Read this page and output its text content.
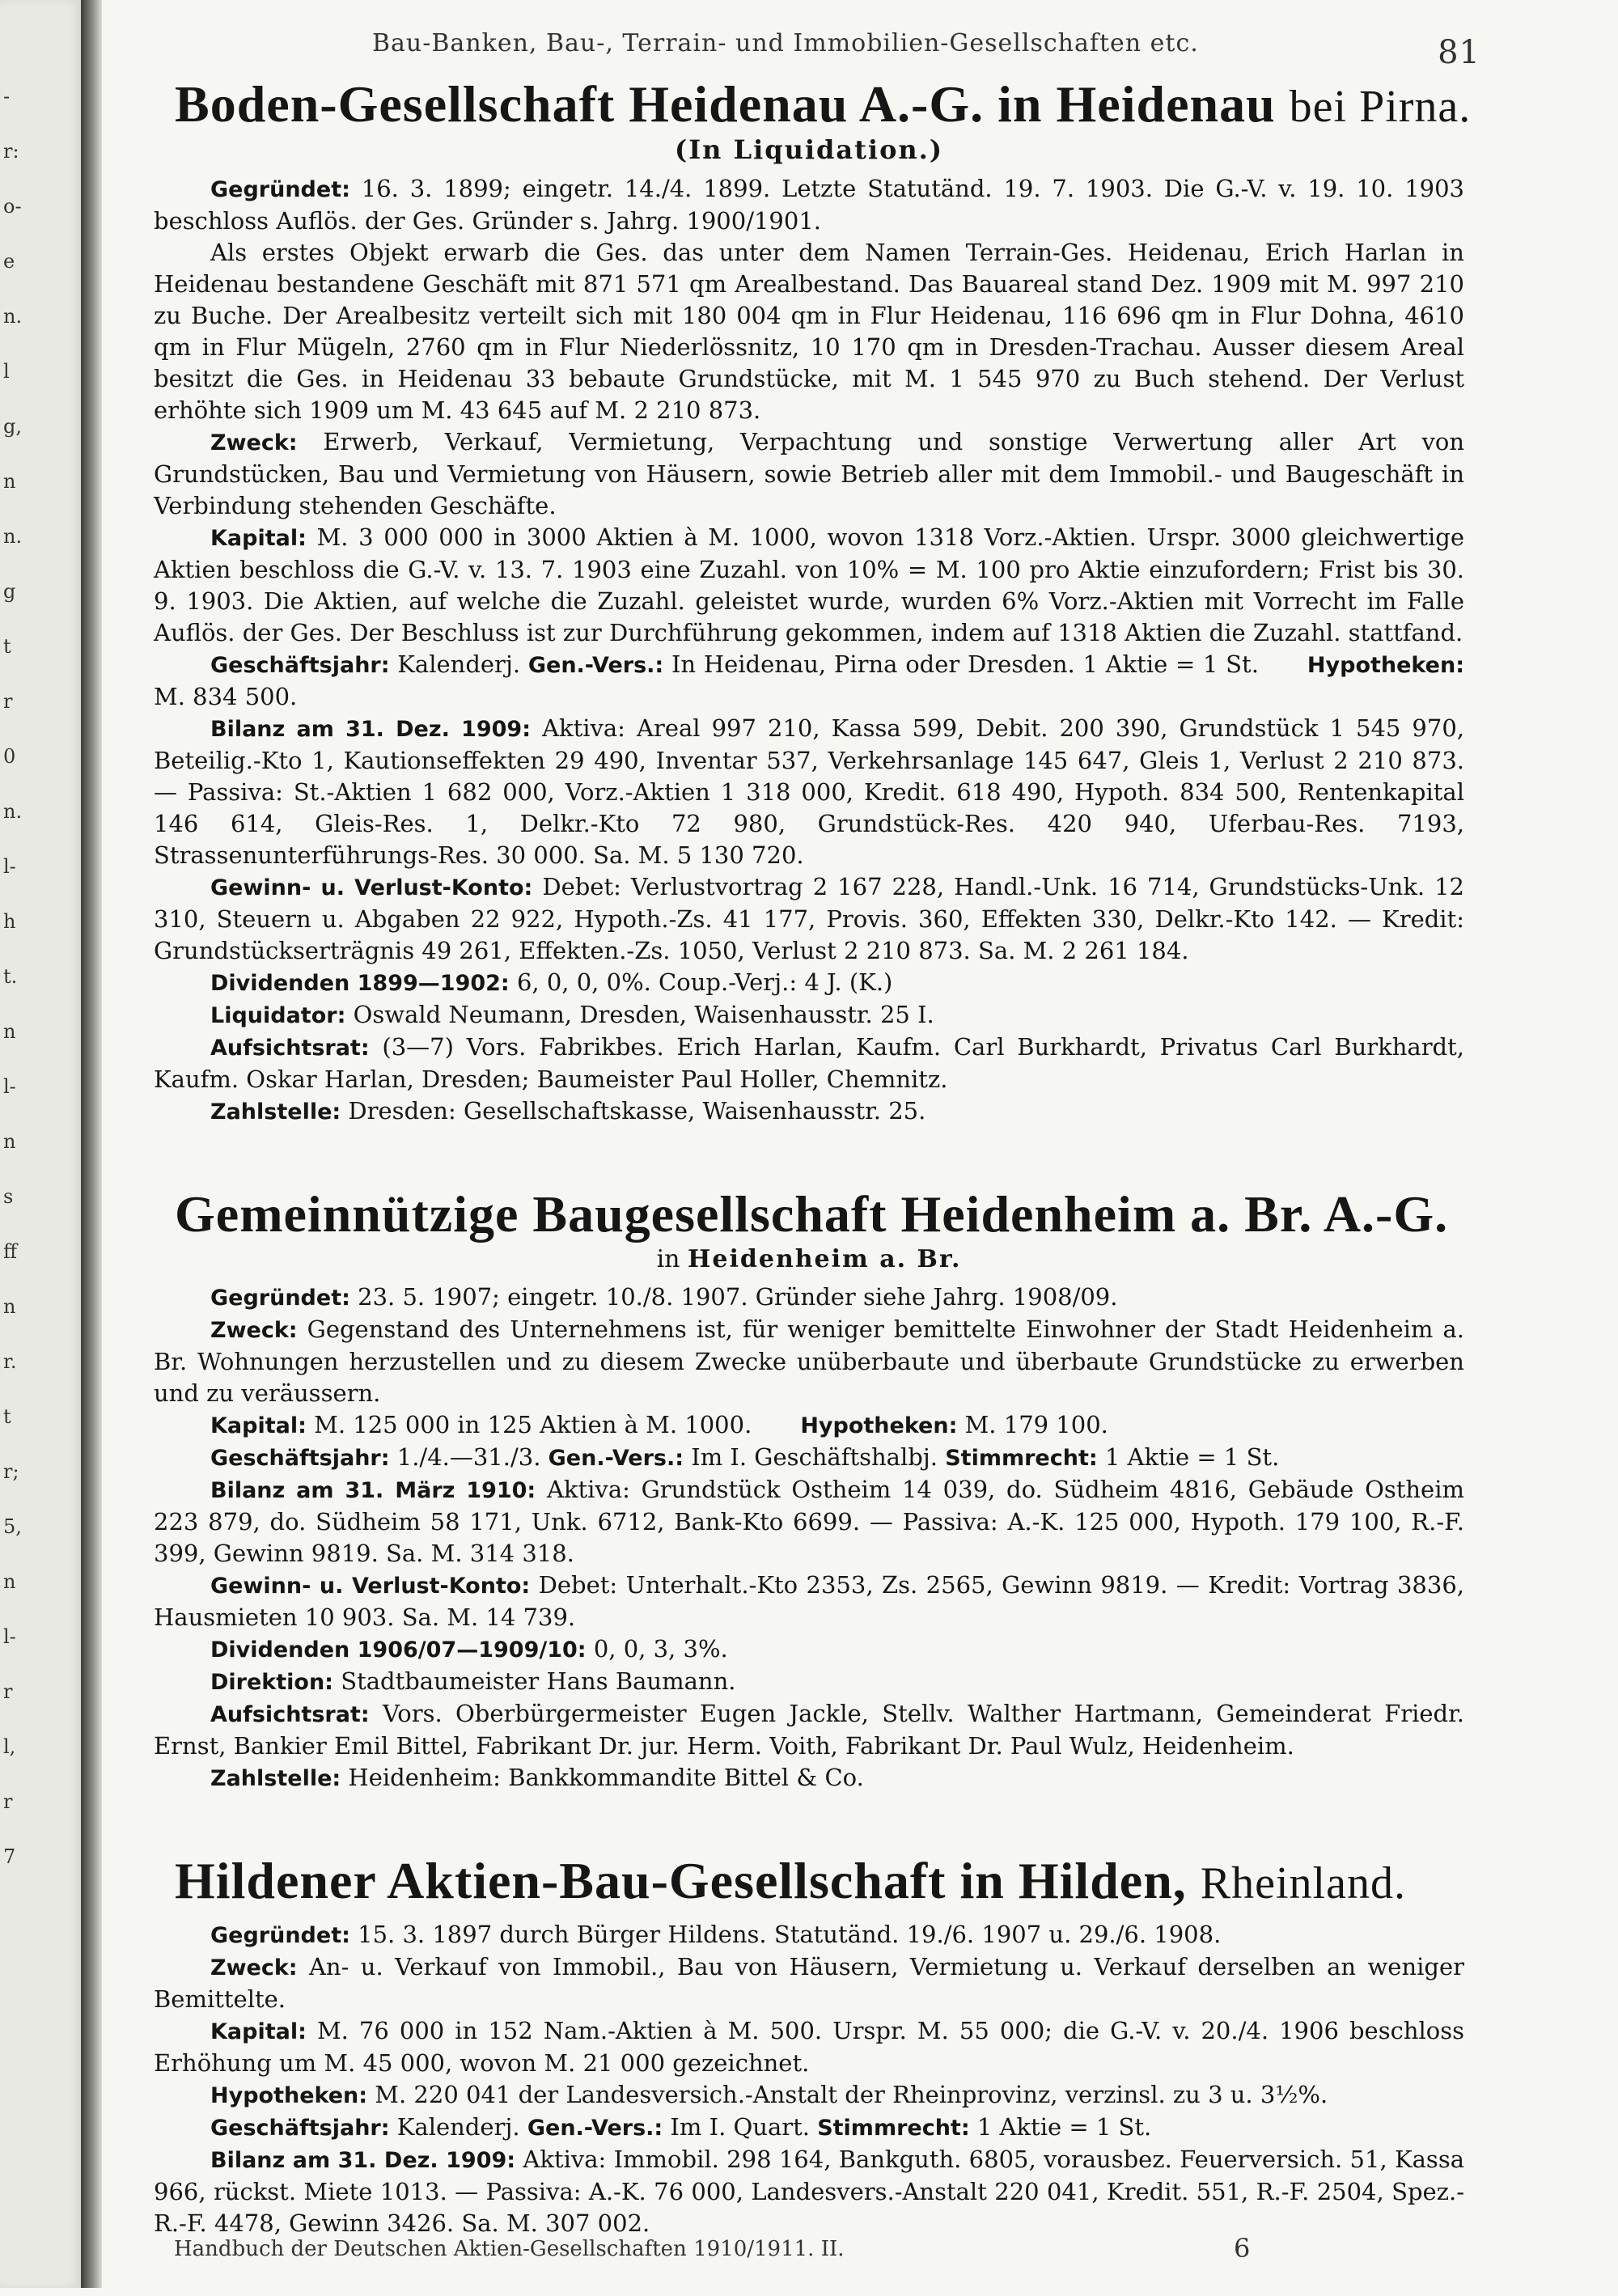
-
r:
o-
e
n.
l
g,
n
n.
g
t
r
0
n.
l-
h
t.
n
l-
n
s
ff
n
r.
t
r;
5,
n
l-
r
l,
r
7
Bau-Banken, Bau-, Terrain- und Immobilien-Gesellschaften etc.	81
Boden-Gesellschaft Heidenau A.-G. in Heidenau bei Pirna.
(In Liquidation.)

Gegründet: 16. 3. 1899; eingetr. 14./4. 1899. Letzte Statutänd. 19. 7. 1903. Die G.-V. v. 19. 10. 1903 beschloss Auflös. der Ges. Gründer s. Jahrg. 1900/1901.

Als erstes Objekt erwarb die Ges. das unter dem Namen Terrain-Ges. Heidenau, Erich Harlan in Heidenau bestandene Geschäft mit 871 571 qm Arealbestand. Das Bauareal stand Dez. 1909 mit M. 997 210 zu Buche. Der Arealbesitz verteilt sich mit 180 004 qm in Flur Heidenau, 116 696 qm in Flur Dohna, 4610 qm in Flur Mügeln, 2760 qm in Flur Niederlössnitz, 10 170 qm in Dresden-Trachau. Ausser diesem Areal besitzt die Ges. in Heidenau 33 bebaute Grundstücke, mit M. 1 545 970 zu Buch stehend. Der Verlust erhöhte sich 1909 um M. 43 645 auf M. 2 210 873.

Zweck: Erwerb, Verkauf, Vermietung, Verpachtung und sonstige Verwertung aller Art von Grundstücken, Bau und Vermietung von Häusern, sowie Betrieb aller mit dem Immobil.- und Baugeschäft in Verbindung stehenden Geschäfte.

Kapital: M. 3 000 000 in 3000 Aktien à M. 1000, wovon 1318 Vorz.-Aktien. Urspr. 3000 gleichwertige Aktien beschloss die G.-V. v. 13. 7. 1903 eine Zuzahl. von 10% = M. 100 pro Aktie einzufordern; Frist bis 30. 9. 1903. Die Aktien, auf welche die Zuzahl. geleistet wurde, wurden 6% Vorz.-Aktien mit Vorrecht im Falle Auflös. der Ges. Der Beschluss ist zur Durchführung gekommen, indem auf 1318 Aktien die Zuzahl. stattfand.

Geschäftsjahr: Kalenderj. Gen.-Vers.: In Heidenau, Pirna oder Dresden. 1 Aktie = 1 St. Hypotheken: M. 834 500.

Bilanz am 31. Dez. 1909: Aktiva: Areal 997 210, Kassa 599, Debit. 200 390, Grundstück 1 545 970, Beteilig.-Kto 1, Kautionseffekten 29 490, Inventar 537, Verkehrsanlage 145 647, Gleis 1, Verlust 2 210 873. — Passiva: St.-Aktien 1 682 000, Vorz.-Aktien 1 318 000, Kredit. 618 490, Hypoth. 834 500, Rentenkapital 146 614, Gleis-Res. 1, Delkr.-Kto 72 980, Grundstück-Res. 420 940, Uferbau-Res. 7193, Strassenunterführungs-Res. 30 000. Sa. M. 5 130 720.

Gewinn- u. Verlust-Konto: Debet: Verlustvortrag 2 167 228, Handl.-Unk. 16 714, Grundstücks-Unk. 12 310, Steuern u. Abgaben 22 922, Hypoth.-Zs. 41 177, Provis. 360, Effekten 330, Delkr.-Kto 142. — Kredit: Grundstückserträgnis 49 261, Effekten.-Zs. 1050, Verlust 2 210 873. Sa. M. 2 261 184.

Dividenden 1899—1902: 6, 0, 0, 0%. Coup.-Verj.: 4 J. (K.)

Liquidator: Oswald Neumann, Dresden, Waisenhausstr. 25 I.

Aufsichtsrat: (3—7) Vors. Fabrikbes. Erich Harlan, Kaufm. Carl Burkhardt, Privatus Carl Burkhardt, Kaufm. Oskar Harlan, Dresden; Baumeister Paul Holler, Chemnitz.

Zahlstelle: Dresden: Gesellschaftskasse, Waisenhausstr. 25.

Gemeinnützige Baugesellschaft Heidenheim a. Br. A.-G.
in Heidenheim a. Br.

Gegründet: 23. 5. 1907; eingetr. 10./8. 1907. Gründer siehe Jahrg. 1908/09.

Zweck: Gegenstand des Unternehmens ist, für weniger bemittelte Einwohner der Stadt Heidenheim a. Br. Wohnungen herzustellen und zu diesem Zwecke unüberbaute und überbaute Grundstücke zu erwerben und zu veräussern.

Kapital: M. 125 000 in 125 Aktien à M. 1000. Hypotheken: M. 179 100.

Geschäftsjahr: 1./4.—31./3. Gen.-Vers.: Im I. Geschäftshalbj. Stimmrecht: 1 Aktie = 1 St.

Bilanz am 31. März 1910: Aktiva: Grundstück Ostheim 14 039, do. Südheim 4816, Gebäude Ostheim 223 879, do. Südheim 58 171, Unk. 6712, Bank-Kto 6699. — Passiva: A.-K. 125 000, Hypoth. 179 100, R.-F. 399, Gewinn 9819. Sa. M. 314 318.

Gewinn- u. Verlust-Konto: Debet: Unterhalt.-Kto 2353, Zs. 2565, Gewinn 9819. — Kredit: Vortrag 3836, Hausmieten 10 903. Sa. M. 14 739.

Dividenden 1906/07—1909/10: 0, 0, 3, 3%.

Direktion: Stadtbaumeister Hans Baumann.

Aufsichtsrat: Vors. Oberbürgermeister Eugen Jackle, Stellv. Walther Hartmann, Gemeinderat Friedr. Ernst, Bankier Emil Bittel, Fabrikant Dr. jur. Herm. Voith, Fabrikant Dr. Paul Wulz, Heidenheim.

Zahlstelle: Heidenheim: Bankkommandite Bittel & Co.

Hildener Aktien-Bau-Gesellschaft in Hilden, Rheinland.

Gegründet: 15. 3. 1897 durch Bürger Hildens. Statutänd. 19./6. 1907 u. 29./6. 1908.

Zweck: An- u. Verkauf von Immobil., Bau von Häusern, Vermietung u. Verkauf derselben an weniger Bemittelte.

Kapital: M. 76 000 in 152 Nam.-Aktien à M. 500. Urspr. M. 55 000; die G.-V. v. 20./4. 1906 beschloss Erhöhung um M. 45 000, wovon M. 21 000 gezeichnet.

Hypotheken: M. 220 041 der Landesversich.-Anstalt der Rheinprovinz, verzinsl. zu 3 u. 3½%.

Geschäftsjahr: Kalenderj. Gen.-Vers.: Im I. Quart. Stimmrecht: 1 Aktie = 1 St.

Bilanz am 31. Dez. 1909: Aktiva: Immobil. 298 164, Bankguth. 6805, vorausbez. Feuerversich. 51, Kassa 966, rückst. Miete 1013. — Passiva: A.-K. 76 000, Landesvers.-Anstalt 220 041, Kredit. 551, R.-F. 2504, Spez.-R.-F. 4478, Gewinn 3426. Sa. M. 307 002.

Handbuch der Deutschen Aktien-Gesellschaften 1910/1911. II.	6
